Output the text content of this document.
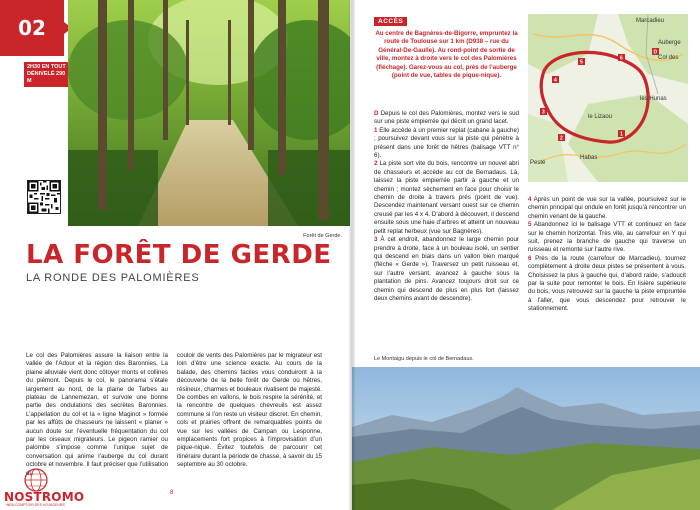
02
2H30 EN TOUT
DÉNIVELÉ 290 M
Forêt de Gerde.
LA FORÊT DE GERDE
LA RONDE DES PALOMIÈRES
Le col des Palomières assure la liaison entre la vallée de l’Adour et la région des Baronnies. La plaine alluviale vient donc côtoyer monts et collines du piémont. Depuis le col, le panorama s’étale largement au nord, de la plaine de Tarbes au plateau de Lannemezan, et survole une bonne partie des ondulations des secrètes Baronnies. L’appellation du col et la « ligne Maginot » formée par les affûts de chasseurs ne laissent « planer » aucun doute sur l’éventuelle fréquentation du col par les oiseaux migrateurs. Le pigeon ramier ou palombe s’impose comme l’unique sujet de conversation qui anime l’auberge du col durant octobre et novembre. Il faut préciser que l’utilisation du
couloir de vents des Palomières par le migrateur est loin d’être une science exacte. Au cours de la balade, des chemins faciles vous conduiront à la découverte de la belle forêt de Gerde où hêtres, résineux, charmes et bouleaux rivalisent de majesté. De combes en vallons, le bois respire la sérénité, et la rencontre de quelques chevreuils est assez commune si l’on reste un visiteur discret. En chemin, cols et prairies offrent de remarquables points de vue sur les vallées de Campan ou Lesponne, emplacements fort propices à l’improvisation d’un pique-nique. Évitez toutefois de parcourir cet itinéraire durant la période de chasse, à savoir du 15 septembre au 30 octobre.
8
NOSTROMO
WEB COMPTOIR DES VOYAGEURS
ACCÈS
Au centre de Bagnères-de-Bigorre, empruntez la route de Toulouse sur 1 km (D938 – rue du Général-De-Gaulle). Au rond-point de sortie de ville, montez à droite vers le col des Palomières (fléchage). Garez-vous au col, près de l’auberge (point de vue, tables de pique-nique).
Marcadieu
Auberge
Col des
les Hunas
le Lizaou
Pesté
Habas
D
1
2
3
4
5
6

D Depuis le col des Palomières, montez vers le sud sur une piste empierrée qui décrit un grand lacet.

1 Elle accède à un premier replat (cabane à gauche) ; poursuivez devant vous sur la piste qui pénètre à présent dans une forêt de hêtres (balisage VTT n° 6).

2 La piste sort vite du bois, rencontre un nouvel abri de chasseurs et accède au col de Bernadaus. Là, laissez la piste empierrée partir à gauche et un chemin ; montez sèchement en face pour choisir le chemin de droite à travers prés (point de vue). Descendez maintenant versant ouest sur ce chemin creusé par les 4 x 4. D’abord à découvert, il descend ensuite sous une haie d’arbres et atteint un nouveau petit replat herbeux (vue sur Bagnères).

3 À cet endroit, abandonnez le large chemin pour prendre à droite, face à un bouleau isolé, un sentier qui descend en biais dans un vallon bien marqué (flèche « Gerde »). Traversez un petit ruisseau et, sur l’autre versant, avancez à gauche sous la plantation de pins. Avancez toujours droit sur ce chemin qui descend de plus en plus fort (laissez deux chemins avant de descendre).

4 Après un point de vue sur la vallée, poursuivez sur le chemin principal qui ondule en forêt jusqu’à rencontrer un chemin venant de la gauche.

5 Abandonnez ici le balisage VTT et continuez en face sur le chemin horizontal. Très vite, au carrefour en Y qui suit, prenez la branche de gauche qui traverse un ruisseau et remonte sur l’autre rive.

6 Près de la route (carrefour de Marcadieu), tournez complètement à droite deux pistes se présentent à vous. Choisissez la plus à gauche qui, d’abord raide, s’adoucit par la suite pour remonter le bois. En lisière supérieure du bois, vous retrouvez sur la gauche la piste empruntée à l’aller, que vous descendez pour retrouver le stationnement.

Le Montaigu depuis le col de Bernadaus.
